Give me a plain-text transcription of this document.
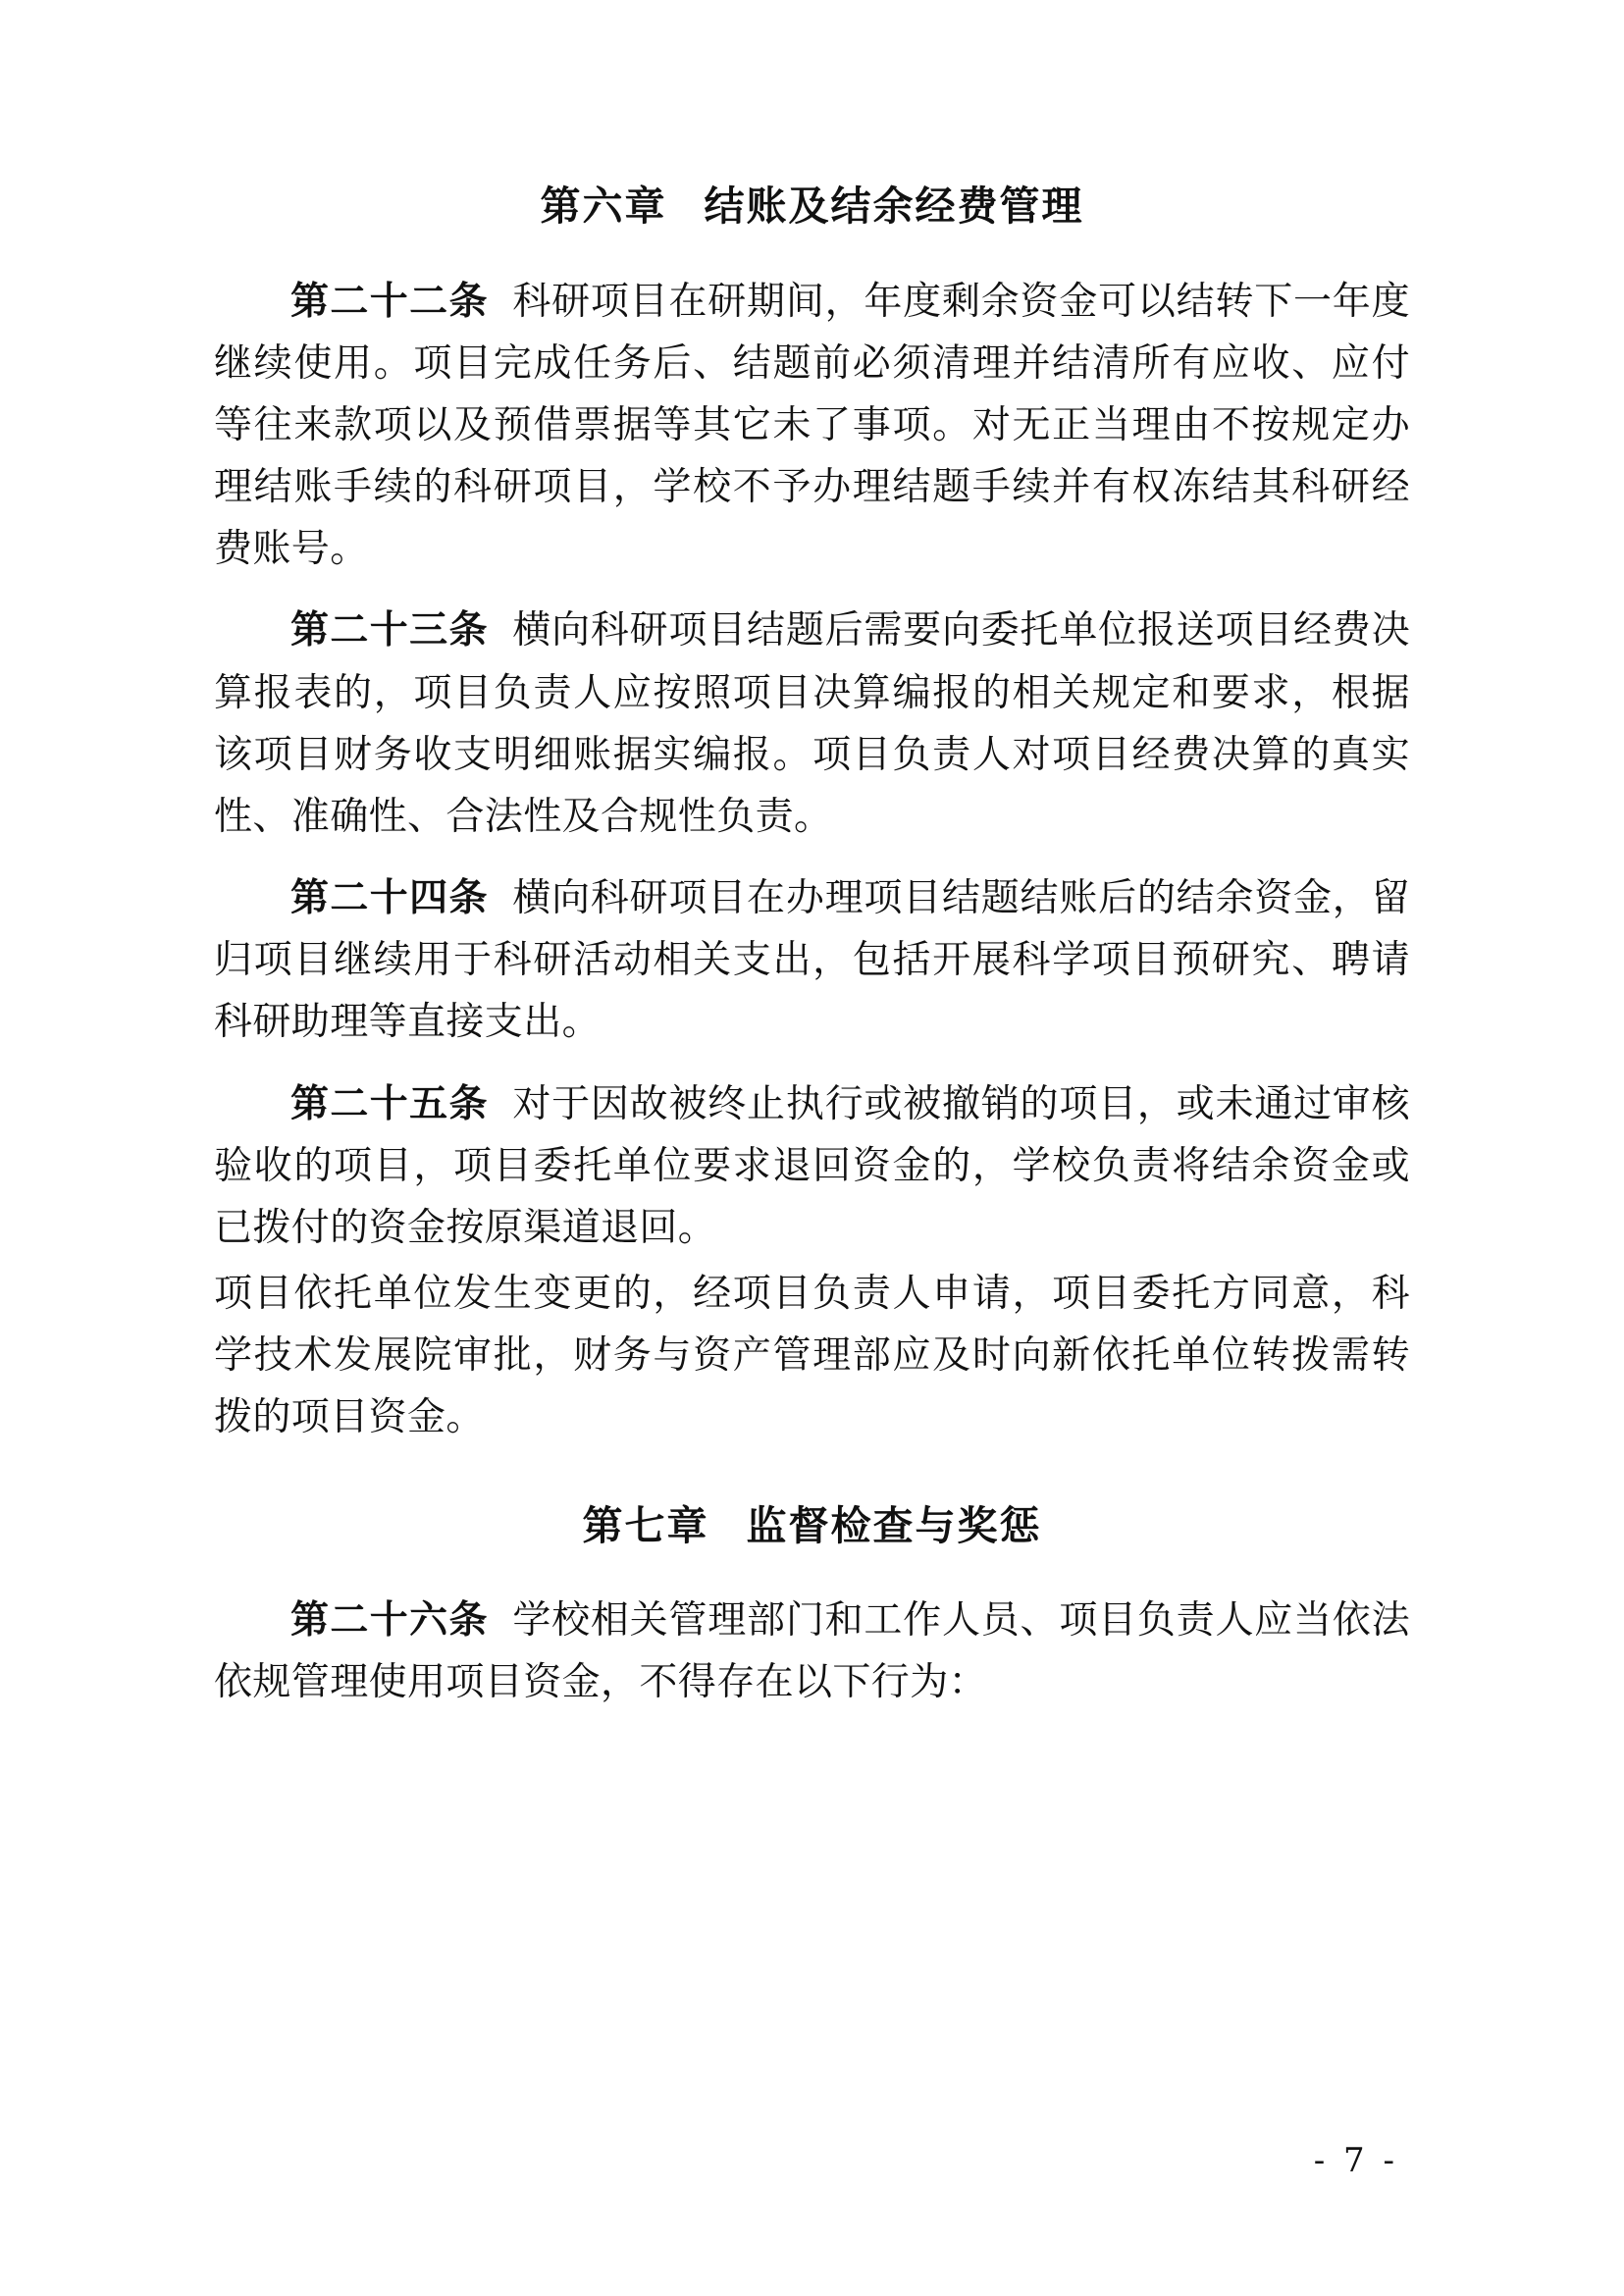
第六章 结账及结余经费管理

第二十二条 科研项目在研期间，年度剩余资金可以结转下一年度继续使用。项目完成任务后、结题前必须清理并结清所有应收、应付等往来款项以及预借票据等其它未了事项。对无正当理由不按规定办理结账手续的科研项目，学校不予办理结题手续并有权冻结其科研经费账号。

第二十三条 横向科研项目结题后需要向委托单位报送项目经费决算报表的，项目负责人应按照项目决算编报的相关规定和要求，根据该项目财务收支明细账据实编报。项目负责人对项目经费决算的真实性、准确性、合法性及合规性负责。

第二十四条 横向科研项目在办理项目结题结账后的结余资金，留归项目继续用于科研活动相关支出，包括开展科学项目预研究、聘请科研助理等直接支出。

第二十五条 对于因故被终止执行或被撤销的项目，或未通过审核验收的项目，项目委托单位要求退回资金的，学校负责将结余资金或已拨付的资金按原渠道退回。

项目依托单位发生变更的，经项目负责人申请，项目委托方同意，科学技术发展院审批，财务与资产管理部应及时向新依托单位转拨需转拨的项目资金。

第七章 监督检查与奖惩

第二十六条 学校相关管理部门和工作人员、项目负责人应当依法依规管理使用项目资金，不得存在以下行为：

- 7 -
